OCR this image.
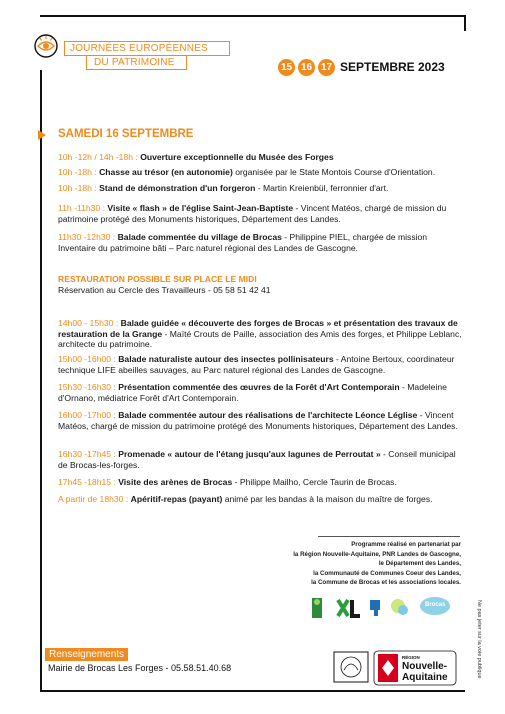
JOURNÉES EUROPÉENNES
DU PATRIMOINE	15 16 17 SEPTEMBRE 2023
SAMEDI 16 SEPTEMBRE
10h -12h / 14h -18h : Ouverture exceptionnelle du Musée des Forges
10h -18h : Chasse au trésor (en autonomie) organisée par le State Montois Course d'Orientation.
10h -18h : Stand de démonstration d'un forgeron - Martin Kreienbül, ferronnier d'art.
11h -11h30 : Visite « flash » de l'église Saint-Jean-Baptiste - Vincent Matéos, chargé de mission du patrimoine protégé des Monuments historiques, Département des Landes.
11h30 -12h30 : Balade commentée du village de Brocas - Philippine PIEL, chargée de mission Inventaire du patrimoine bâti – Parc naturel régional des Landes de Gascogne.
RESTAURATION POSSIBLE SUR PLACE LE MIDI
Réservation au Cercle des Travailleurs - 05 58 51 42 41
14h00 - 15h30 : Balade guidée « découverte des forges de Brocas » et présentation des travaux de restauration de la Grange - Maïté Crouts de Paille, association des Amis des forges, et Philippe Leblanc, architecte du patrimoine.
15h00 -16h00 : Balade naturaliste autour des insectes pollinisateurs - Antoine Bertoux, coordinateur technique LIFE abeilles sauvages, au Parc naturel régional des Landes de Gascogne.
15h30 -16h30 : Présentation commentée des œuvres de la Forêt d'Art Contemporain - Madeleine d'Ornano, médiatrice Forêt d'Art Contemporain.
16h00 -17h00 : Balade commentée autour des réalisations de l'architecte Léonce Léglise - Vincent Matéos, chargé de mission du patrimoine protégé des Monuments historiques, Département des Landes.
16h30 -17h45 : Promenade « autour de l'étang jusqu'aux lagunes de Perroutat » - Conseil municipal de Brocas-les-forges.
17h45 -18h15 : Visite des arènes de Brocas - Philippe Mailho, Cercle Taurin de Brocas.
A partir de 18h30 : Apéritif-repas (payant) animé par les bandas à la maison du maître de forges.
Programme réalisé en partenariat par
la Région Nouvelle-Aquitaine, PNR Landes de Gascogne,
le Département des Landes,
la Communauté de Communes Coeur des Landes,
la Commune de Brocas et les associations locales.
Brocas
Renseignements
Mairie de Brocas Les Forges - 05.58.51.40.68
RÉGION
Nouvelle-
Aquitaine	Ne pas jeter sur la voie publique
